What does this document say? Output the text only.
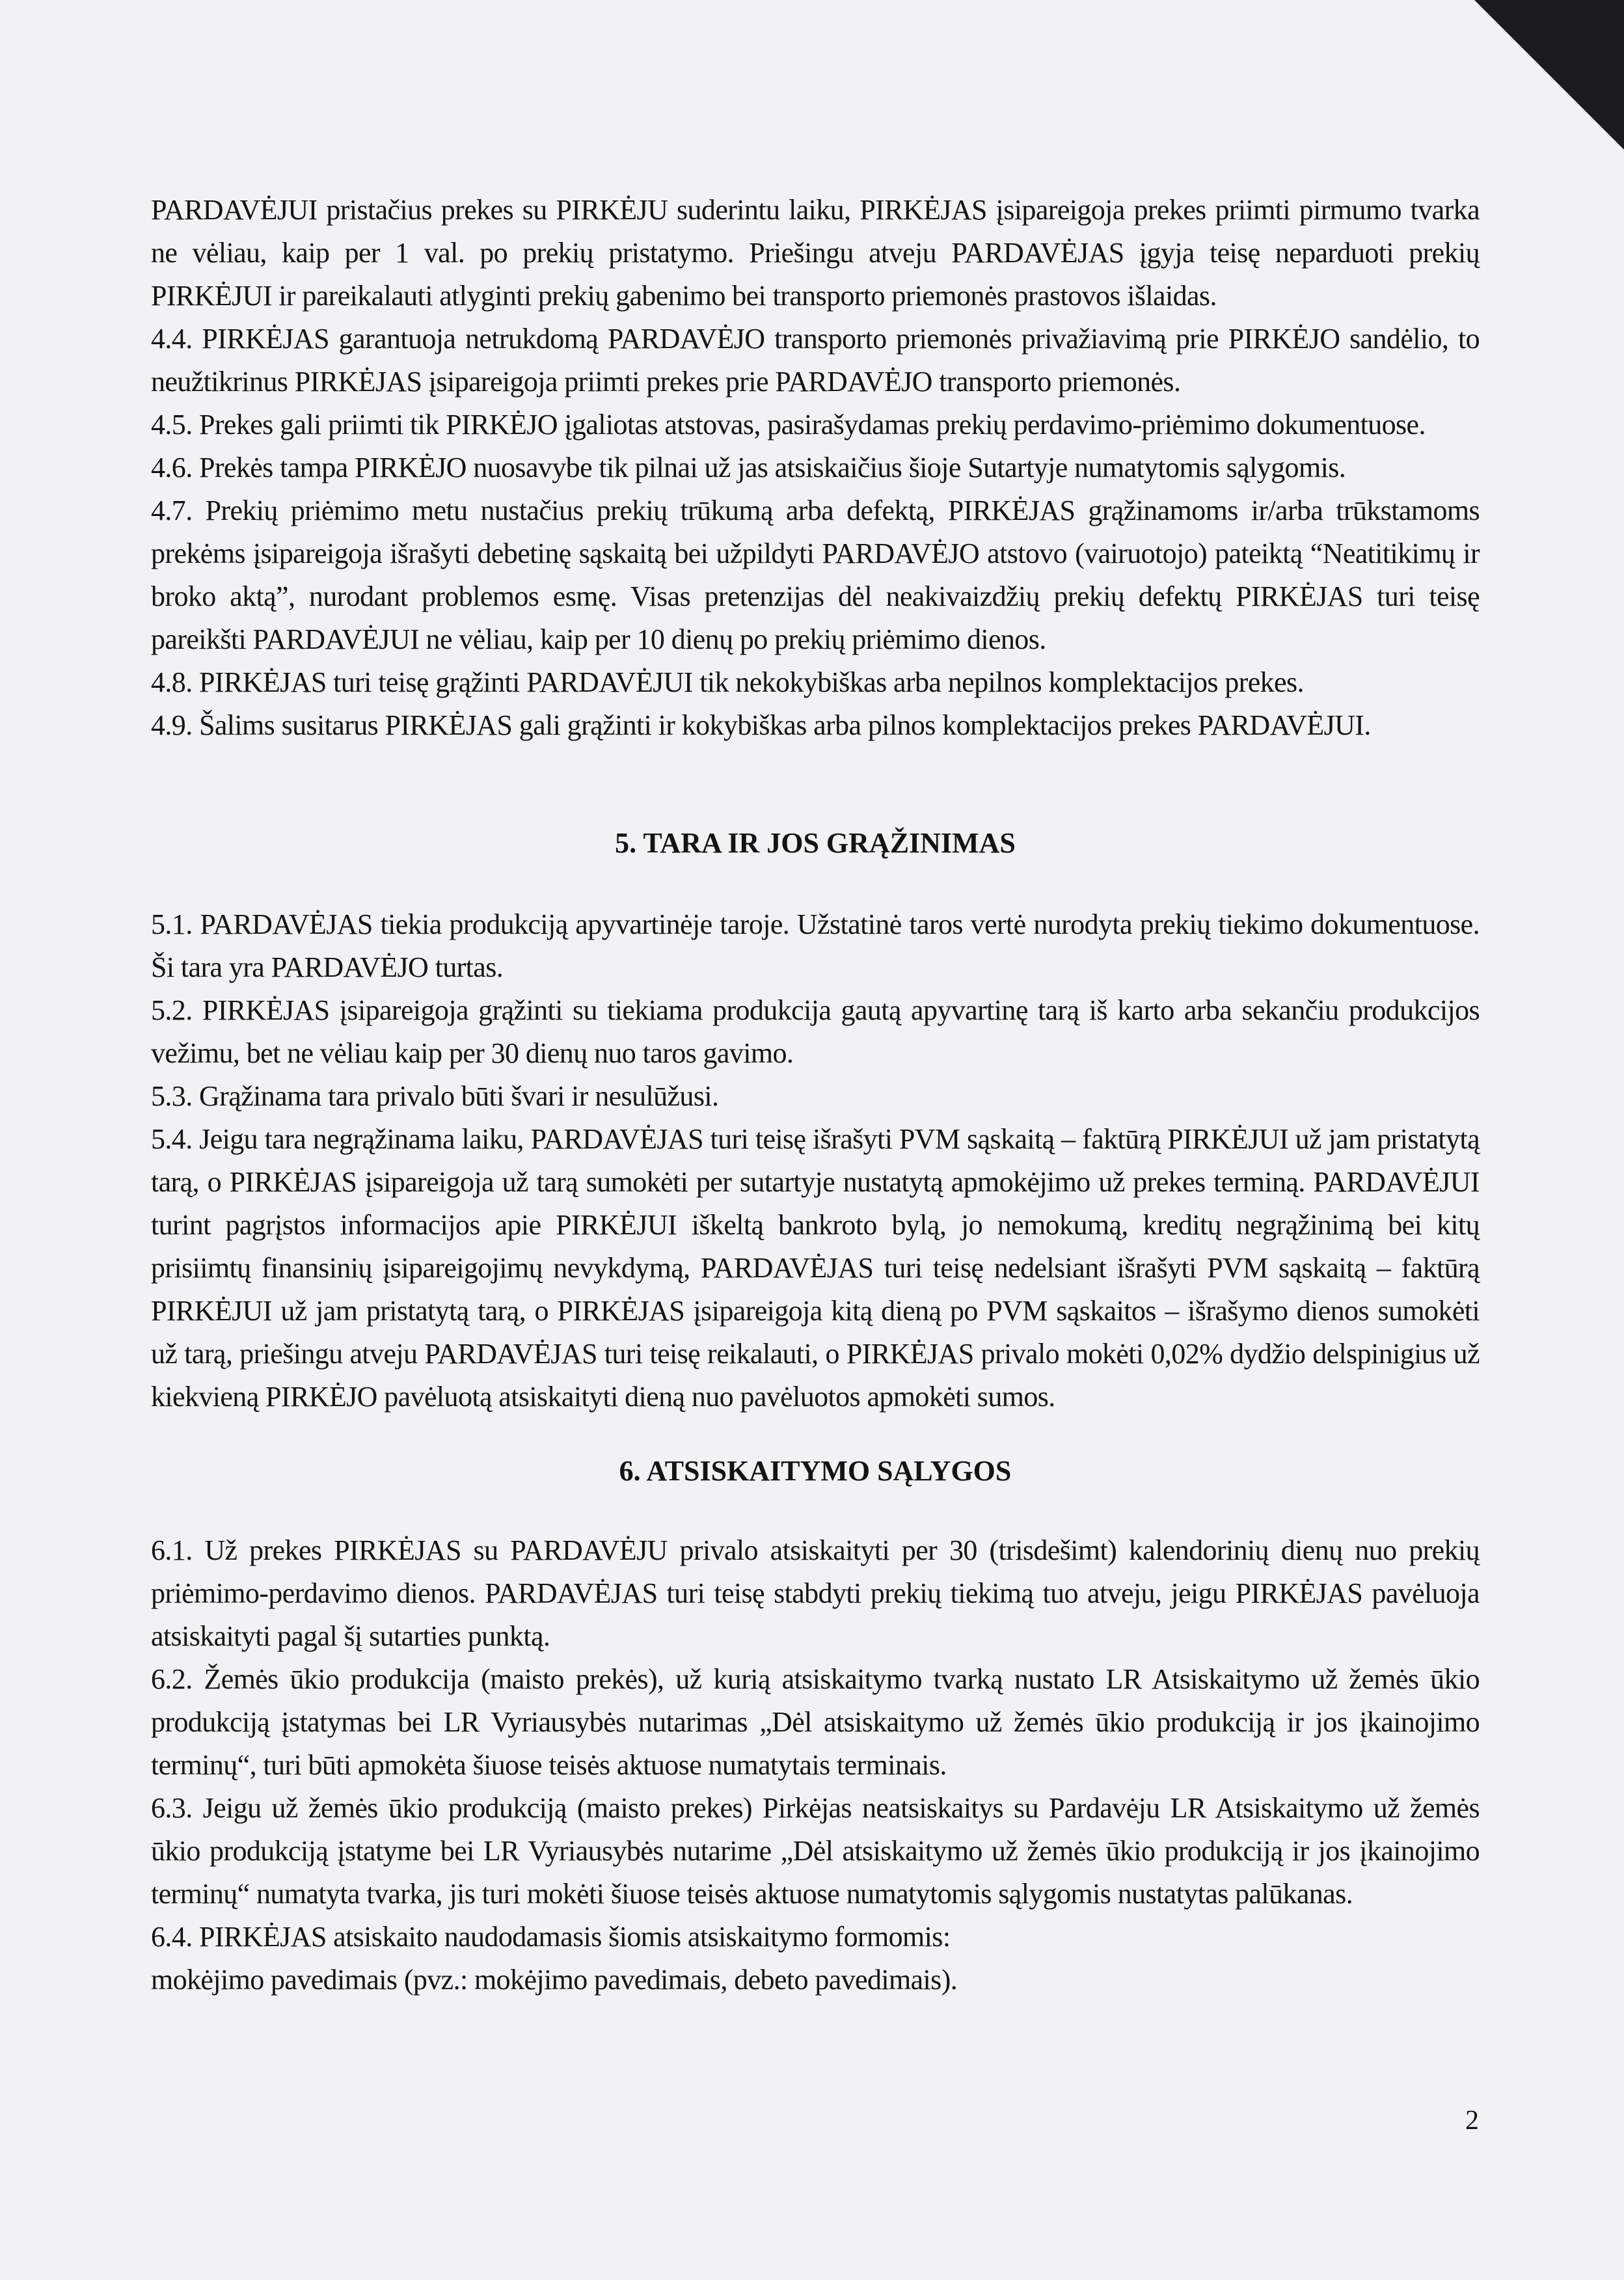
PARDAVĖJUI pristačius prekes su PIRKĖJU suderintu laiku, PIRKĖJAS įsipareigoja prekes priimti pirmumo tvarka ne vėliau, kaip per 1 val. po prekių pristatymo. Priešingu atveju PARDAVĖJAS įgyja teisę neparduoti prekių PIRKĖJUI ir pareikalauti atlyginti prekių gabenimo bei transporto priemonės prastovos išlaidas.

4.4. PIRKĖJAS garantuoja netrukdomą PARDAVĖJO transporto priemonės privažiavimą prie PIRKĖJO sandėlio, to neužtikrinus PIRKĖJAS įsipareigoja priimti prekes prie PARDAVĖJO transporto priemonės.

4.5. Prekes gali priimti tik PIRKĖJO įgaliotas atstovas, pasirašydamas prekių perdavimo-priėmimo dokumentuose.

4.6. Prekės tampa PIRKĖJO nuosavybe tik pilnai už jas atsiskaičius šioje Sutartyje numatytomis sąlygomis.

4.7. Prekių priėmimo metu nustačius prekių trūkumą arba defektą, PIRKĖJAS grąžinamoms ir/arba trūkstamoms prekėms įsipareigoja išrašyti debetinę sąskaitą bei užpildyti PARDAVĖJO atstovo (vairuotojo) pateiktą “Neatitikimų ir broko aktą”, nurodant problemos esmę. Visas pretenzijas dėl neakivaizdžių prekių defektų PIRKĖJAS turi teisę pareikšti PARDAVĖJUI ne vėliau, kaip per 10 dienų po prekių priėmimo dienos.

4.8. PIRKĖJAS turi teisę grąžinti PARDAVĖJUI tik nekokybiškas arba nepilnos komplektacijos prekes.

4.9. Šalims susitarus PIRKĖJAS gali grąžinti ir kokybiškas arba pilnos komplektacijos prekes PARDAVĖJUI.

5. TARA IR JOS GRĄŽINIMAS

5.1. PARDAVĖJAS tiekia produkciją apyvartinėje taroje. Užstatinė taros vertė nurodyta prekių tiekimo dokumentuose. Ši tara yra PARDAVĖJO turtas.

5.2. PIRKĖJAS įsipareigoja grąžinti su tiekiama produkcija gautą apyvartinę tarą iš karto arba sekančiu produkcijos vežimu, bet ne vėliau kaip per 30 dienų nuo taros gavimo.

5.3. Grąžinama tara privalo būti švari ir nesulūžusi.

5.4. Jeigu tara negrąžinama laiku, PARDAVĖJAS turi teisę išrašyti PVM sąskaitą – faktūrą PIRKĖJUI už jam pristatytą tarą, o PIRKĖJAS įsipareigoja už tarą sumokėti per sutartyje nustatytą apmokėjimo už prekes terminą. PARDAVĖJUI turint pagrįstos informacijos apie PIRKĖJUI iškeltą bankroto bylą, jo nemokumą, kreditų negrąžinimą bei kitų prisiimtų finansinių įsipareigojimų nevykdymą, PARDAVĖJAS turi teisę nedelsiant išrašyti PVM sąskaitą – faktūrą PIRKĖJUI už jam pristatytą tarą, o PIRKĖJAS įsipareigoja kitą dieną po PVM sąskaitos – išrašymo dienos sumokėti už tarą, priešingu atveju PARDAVĖJAS turi teisę reikalauti, o PIRKĖJAS privalo mokėti 0,02% dydžio delspinigius už kiekvieną PIRKĖJO pavėluotą atsiskaityti dieną nuo pavėluotos apmokėti sumos.

6. ATSISKAITYMO SĄLYGOS

6.1. Už prekes PIRKĖJAS su PARDAVĖJU privalo atsiskaityti per 30 (trisdešimt) kalendorinių dienų nuo prekių priėmimo-perdavimo dienos. PARDAVĖJAS turi teisę stabdyti prekių tiekimą tuo atveju, jeigu PIRKĖJAS pavėluoja atsiskaityti pagal šį sutarties punktą.

6.2. Žemės ūkio produkcija (maisto prekės), už kurią atsiskaitymo tvarką nustato LR Atsiskaitymo už žemės ūkio produkciją įstatymas bei LR Vyriausybės nutarimas „Dėl atsiskaitymo už žemės ūkio produkciją ir jos įkainojimo terminų“, turi būti apmokėta šiuose teisės aktuose numatytais terminais.

6.3. Jeigu už žemės ūkio produkciją (maisto prekes) Pirkėjas neatsiskaitys su Pardavėju LR Atsiskaitymo už žemės ūkio produkciją įstatyme bei LR Vyriausybės nutarime „Dėl atsiskaitymo už žemės ūkio produkciją ir jos įkainojimo terminų“ numatyta tvarka, jis turi mokėti šiuose teisės aktuose numatytomis sąlygomis nustatytas palūkanas.

6.4. PIRKĖJAS atsiskaito naudodamasis šiomis atsiskaitymo formomis:

mokėjimo pavedimais (pvz.: mokėjimo pavedimais, debeto pavedimais).

2
